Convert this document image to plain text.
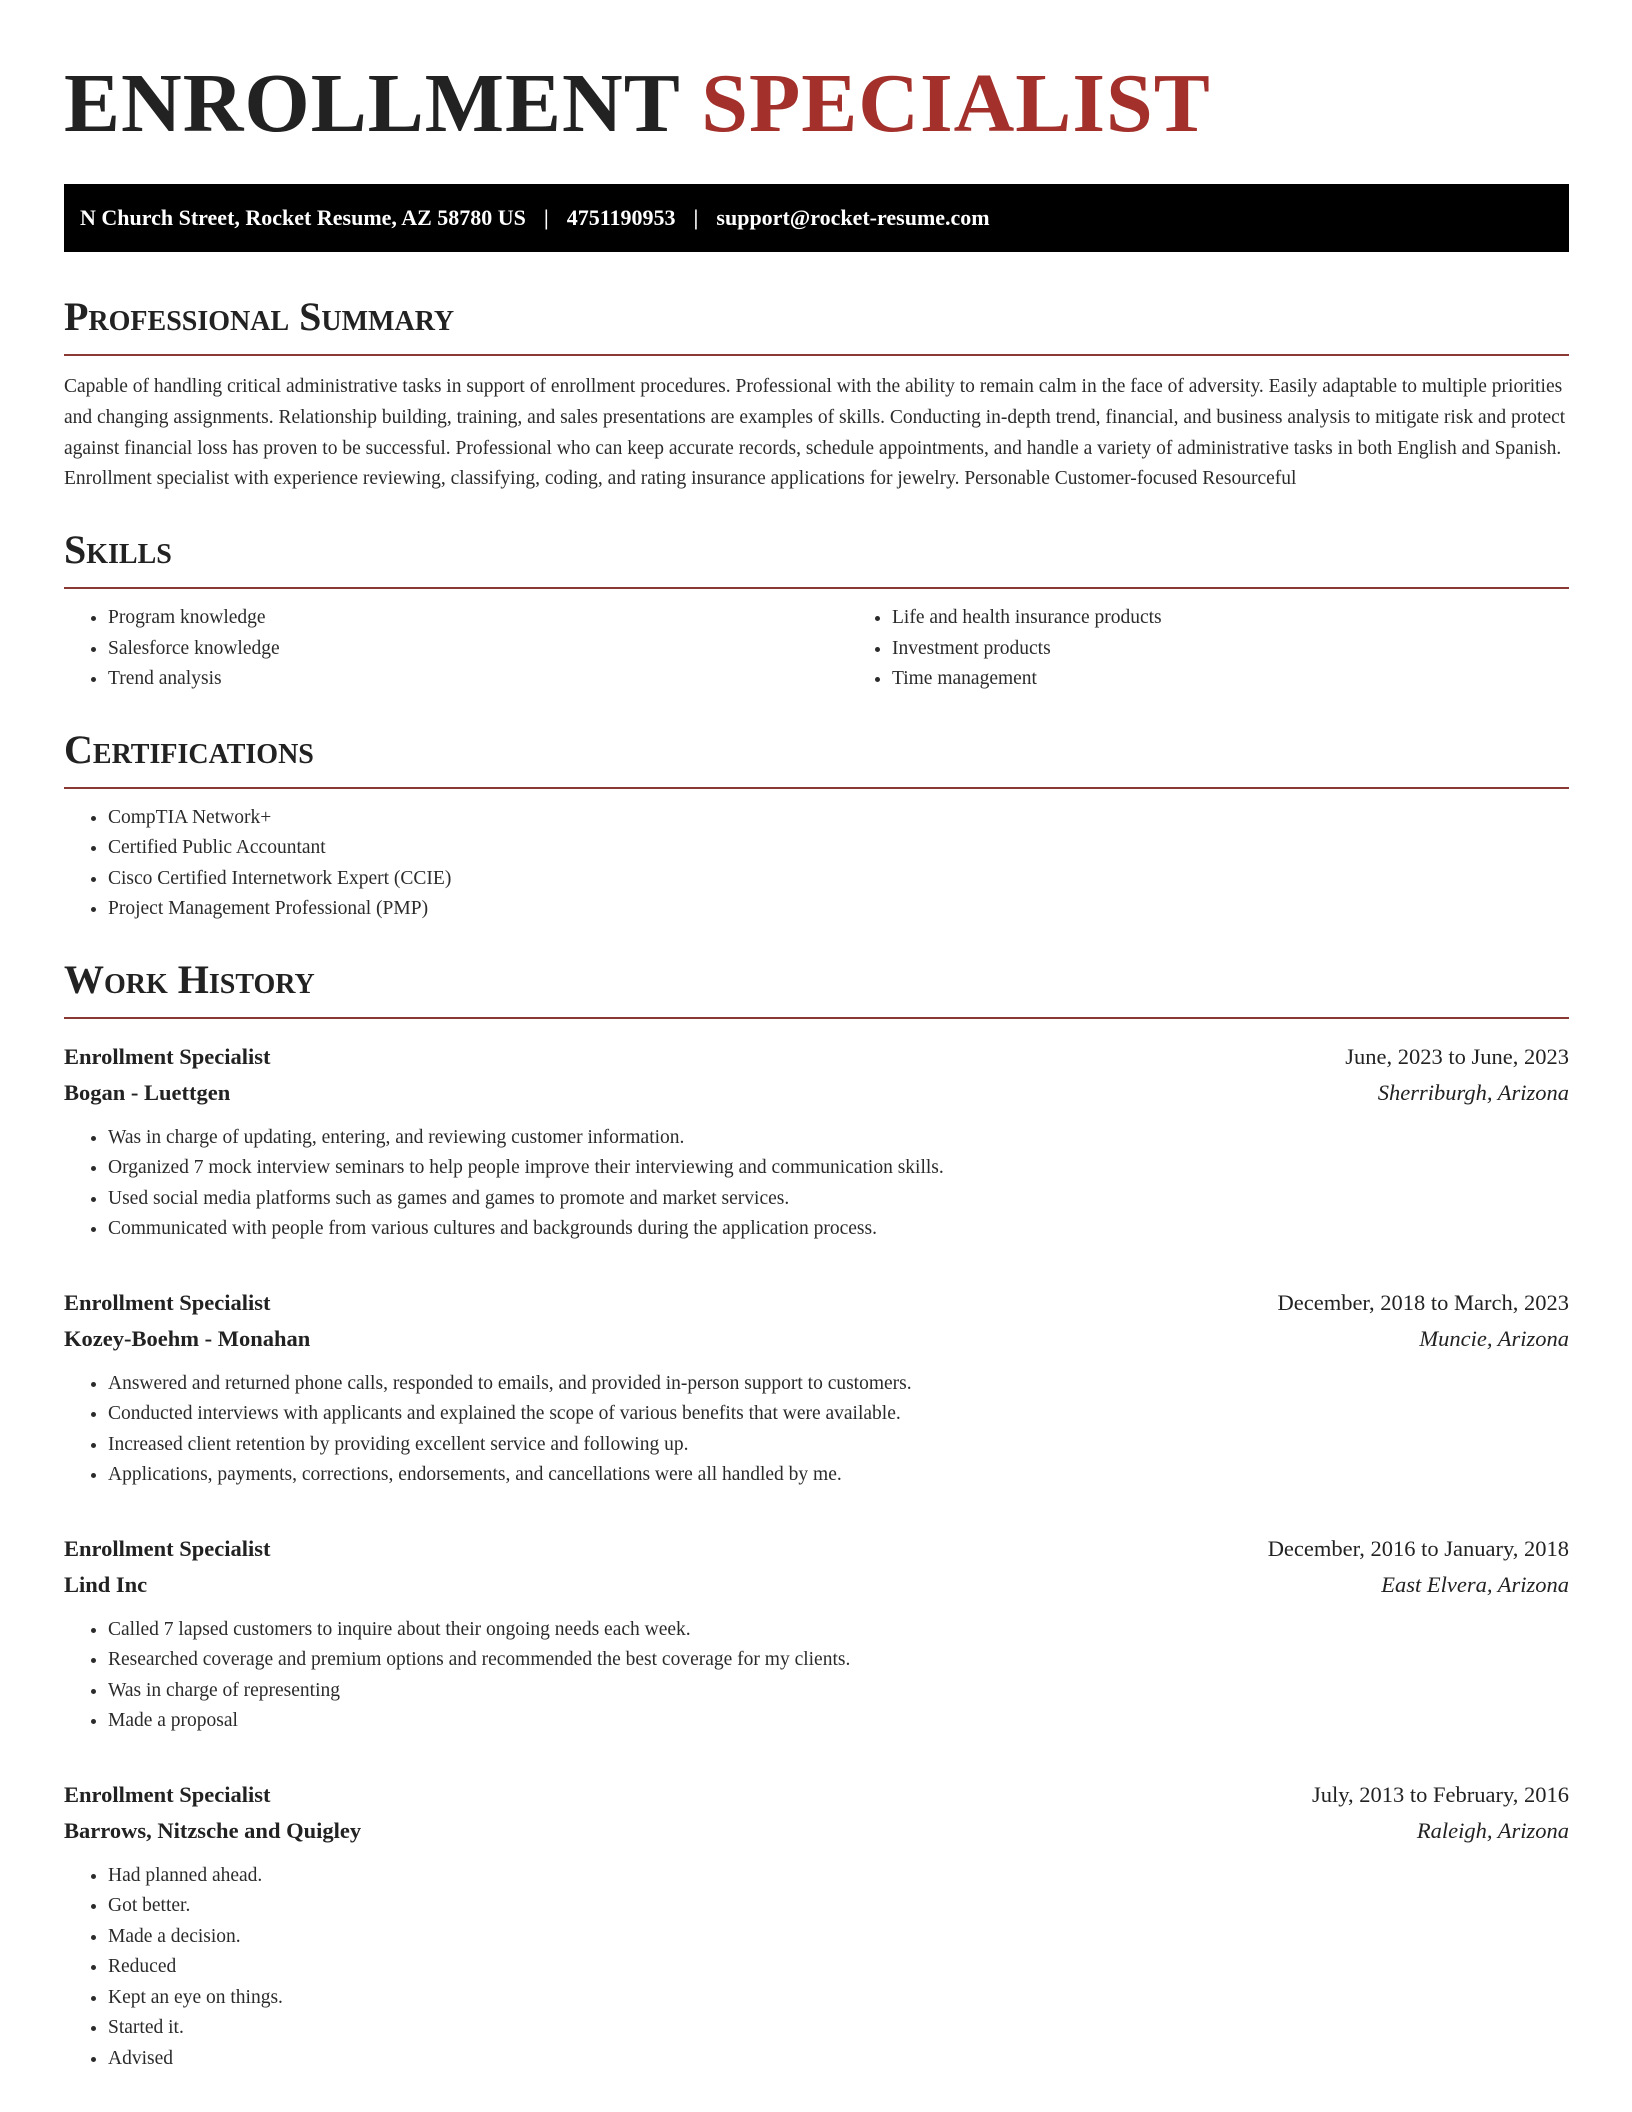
ENROLLMENT SPECIALIST
N Church Street, Rocket Resume, AZ 58780 US | 4751190953 | support@rocket-resume.com
Professional Summary

Capable of handling critical administrative tasks in support of enrollment procedures. Professional with the ability to remain calm in the face of adversity. Easily adaptable to multiple priorities and changing assignments. Relationship building, training, and sales presentations are examples of skills. Conducting in-depth trend, financial, and business analysis to mitigate risk and protect against financial loss has proven to be successful. Professional who can keep accurate records, schedule appointments, and handle a variety of administrative tasks in both English and Spanish. Enrollment specialist with experience reviewing, classifying, coding, and rating insurance applications for jewelry. Personable Customer-focused Resourceful

Skills
• Program knowledge
• Salesforce knowledge
• Trend analysis
• Life and health insurance products
• Investment products
• Time management
Certifications
• CompTIA Network+
• Certified Public Accountant
• Cisco Certified Internetwork Expert (CCIE)
• Project Management Professional (PMP)
Work History
Enrollment Specialist	June, 2023 to June, 2023
Bogan - Luettgen	Sherriburgh, Arizona
• Was in charge of updating, entering, and reviewing customer information.
• Organized 7 mock interview seminars to help people improve their interviewing and communication skills.
• Used social media platforms such as games and games to promote and market services.
• Communicated with people from various cultures and backgrounds during the application process.
Enrollment Specialist	December, 2018 to March, 2023
Kozey-Boehm - Monahan	Muncie, Arizona
• Answered and returned phone calls, responded to emails, and provided in-person support to customers.
• Conducted interviews with applicants and explained the scope of various benefits that were available.
• Increased client retention by providing excellent service and following up.
• Applications, payments, corrections, endorsements, and cancellations were all handled by me.
Enrollment Specialist	December, 2016 to January, 2018
Lind Inc	East Elvera, Arizona
• Called 7 lapsed customers to inquire about their ongoing needs each week.
• Researched coverage and premium options and recommended the best coverage for my clients.
• Was in charge of representing
• Made a proposal
Enrollment Specialist	July, 2013 to February, 2016
Barrows, Nitzsche and Quigley	Raleigh, Arizona
• Had planned ahead.
• Got better.
• Made a decision.
• Reduced
• Kept an eye on things.
• Started it.
• Advised
